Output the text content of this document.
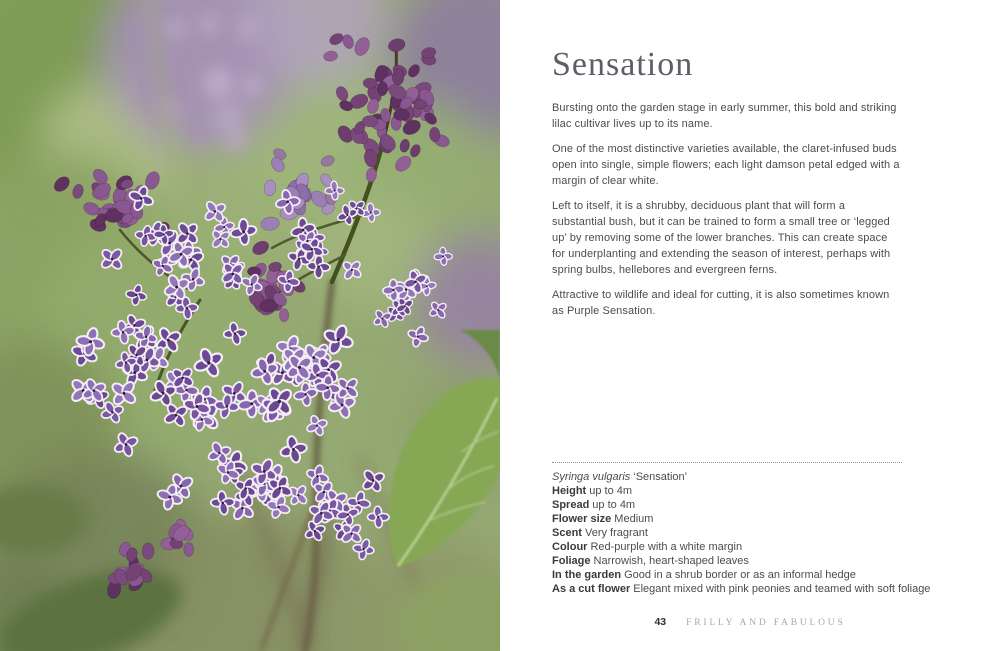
Sensation

Bursting onto the garden stage in early summer, this bold and striking lilac cultivar lives up to its name.

One of the most distinctive varieties available, the claret-infused buds open into single, simple flowers; each light damson petal edged with a margin of clear white.

Left to itself, it is a shrubby, deciduous plant that will form a substantial bush, but it can be trained to form a small tree or ‘legged up’ by removing some of the lower branches. This can create space for underplanting and extending the season of interest, perhaps with spring bulbs, hellebores and evergreen ferns.

Attractive to wildlife and ideal for cutting, it is also sometimes known as Purple Sensation.

Syringa vulgaris ‘Sensation’
Height up to 4m
Spread up to 4m
Flower size Medium
Scent Very fragrant
Colour Red-purple with a white margin
Foliage Narrowish, heart-shaped leaves
In the garden Good in a shrub border or as an informal hedge
As a cut flower Elegant mixed with pink peonies and teamed with soft foliage
43 FRILLY AND FABULOUS
